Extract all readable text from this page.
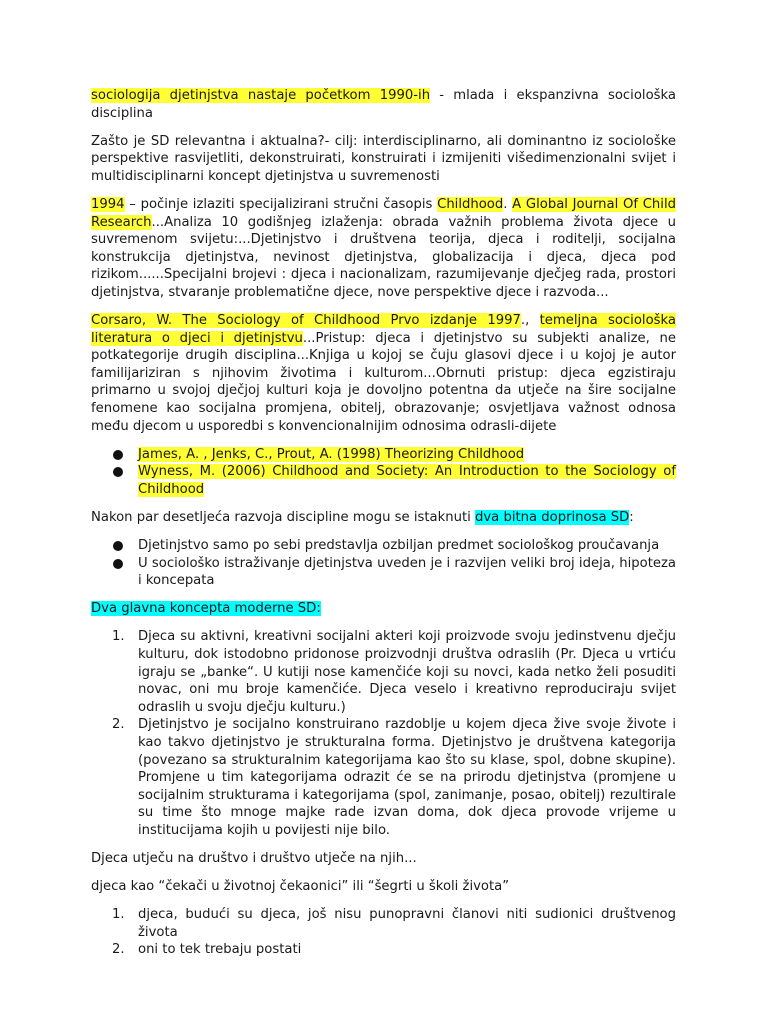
sociologija djetinjstva nastaje početkom 1990-ih - mlada i ekspanzivna sociološka disciplina

Zašto je SD relevantna i aktualna?- cilj: interdisciplinarno, ali dominantno iz sociološke perspektive rasvijetliti, dekonstruirati, konstruirati i izmijeniti višedimenzionalni svijet i multidisciplinarni koncept djetinjstva u suvremenosti

1994 – počinje izlaziti specijalizirani stručni časopis Childhood. A Global Journal Of Child Research...Analiza 10 godišnjeg izlaženja: obrada važnih problema života djece u suvremenom svijetu:...Djetinjstvo i društvena teorija, djeca i roditelji, socijalna konstrukcija djetinjstva, nevinost djetinjstva, globalizacija i djeca, djeca pod rizikom......Specijalni brojevi : djeca i nacionalizam, razumijevanje dječjeg rada, prostori djetinjstva, stvaranje problematične djece, nove perspektive djece i razvoda...

Corsaro, W. The Sociology of Childhood Prvo izdanje 1997., temeljna sociološka literatura o djeci i djetinjstvu...Pristup: djeca i djetinjstvo su subjekti analize, ne potkategorije drugih disciplina...Knjiga u kojoj se čuju glasovi djece i u kojoj je autor familijariziran s njihovim životima i kulturom...Obrnuti pristup: djeca egzistiraju primarno u svojoj dječjoj kulturi koja je dovoljno potentna da utječe na šire socijalne fenomene kao socijalna promjena, obitelj, obrazovanje; osvjetljava važnost odnosa među djecom u usporedbi s konvencionalnijim odnosima odrasli-dijete

James, A. , Jenks, C., Prout, A. (1998) Theorizing Childhood
Wyness, M. (2006) Childhood and Society: An Introduction to the Sociology of Childhood

Nakon par desetljeća razvoja discipline mogu se istaknuti dva bitna doprinosa SD:

Djetinjstvo samo po sebi predstavlja ozbiljan predmet sociološkog proučavanja
U sociološko istraživanje djetinjstva uveden je i razvijen veliki broj ideja, hipoteza i koncepata

Dva glavna koncepta moderne SD:

1. Djeca su aktivni, kreativni socijalni akteri koji proizvode svoju jedinstvenu dječju kulturu, dok istodobno pridonose proizvodnji društva odraslih (Pr. Djeca u vrtiću igraju se „banke“. U kutiji nose kamenčiće koji su novci, kada netko želi posuditi novac, oni mu broje kamenčiće. Djeca veselo i kreativno reproduciraju svijet odraslih u svoju dječju kulturu.)
2. Djetinjstvo je socijalno konstruirano razdoblje u kojem djeca žive svoje živote i kao takvo djetinjstvo je strukturalna forma. Djetinjstvo je društvena kategorija (povezano sa strukturalnim kategorijama kao što su klase, spol, dobne skupine). Promjene u tim kategorijama odrazit će se na prirodu djetinjstva (promjene u socijalnim strukturama i kategorijama (spol, zanimanje, posao, obitelj) rezultirale su time što mnoge majke rade izvan doma, dok djeca provode vrijeme u institucijama kojih u povijesti nije bilo.

Djeca utječu na društvo i društvo utječe na njih...

djeca kao “čekači u životnoj čekaonici” ili “šegrti u školi života”

1. djeca, budući su djeca, još nisu punopravni članovi niti sudionici društvenog života
2. oni to tek trebaju postati
